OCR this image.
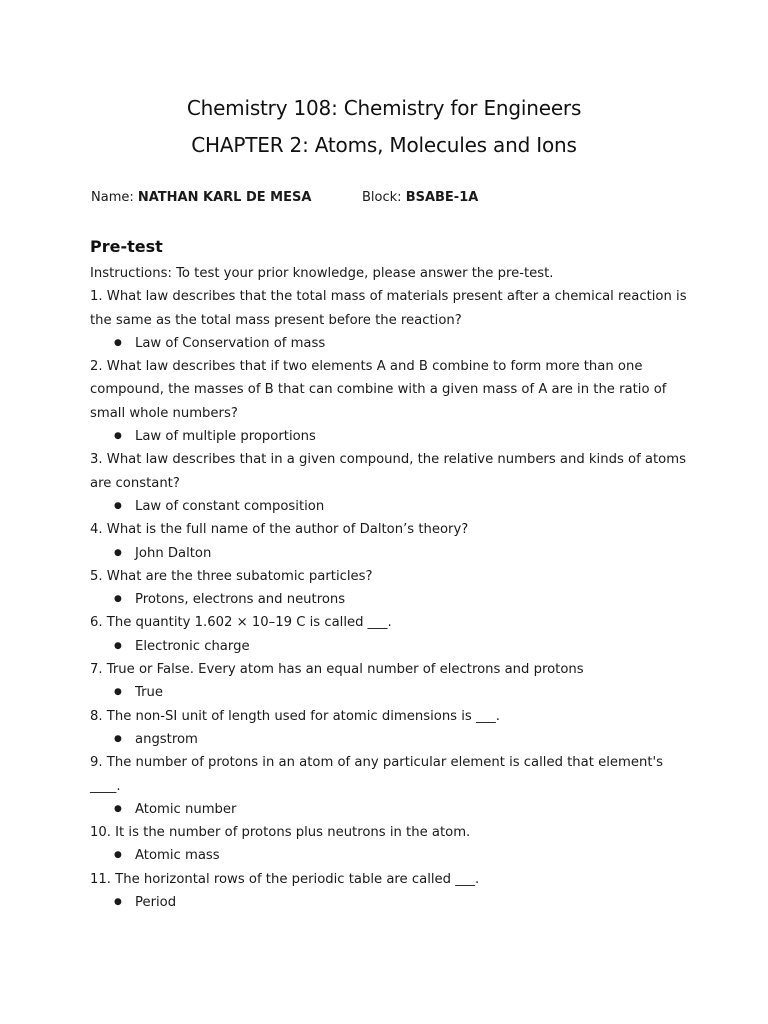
Chemistry 108: Chemistry for Engineers
CHAPTER 2: Atoms, Molecules and Ions
Name: NATHAN KARL DE MESA	Block: BSABE-1A
Pre-test

Instructions: To test your prior knowledge, please answer the pre-test.

1. What law describes that the total mass of materials present after a chemical reaction is the same as the total mass present before the reaction?

● Law of Conservation of mass

2. What law describes that if two elements A and B combine to form more than one compound, the masses of B that can combine with a given mass of A are in the ratio of small whole numbers?

● Law of multiple proportions

3. What law describes that in a given compound, the relative numbers and kinds of atoms are constant?

● Law of constant composition

4. What is the full name of the author of Dalton’s theory?

● John Dalton

5. What are the three subatomic particles?

● Protons, electrons and neutrons

6. The quantity 1.602 × 10–19 C is called ___.

● Electronic charge

7. True or False. Every atom has an equal number of electrons and protons

● True

8. The non-SI unit of length used for atomic dimensions is ___.

● angstrom

9. The number of protons in an atom of any particular element is called that element's ____.

● Atomic number

10. It is the number of protons plus neutrons in the atom.

● Atomic mass

11. The horizontal rows of the periodic table are called ___.

● Period
